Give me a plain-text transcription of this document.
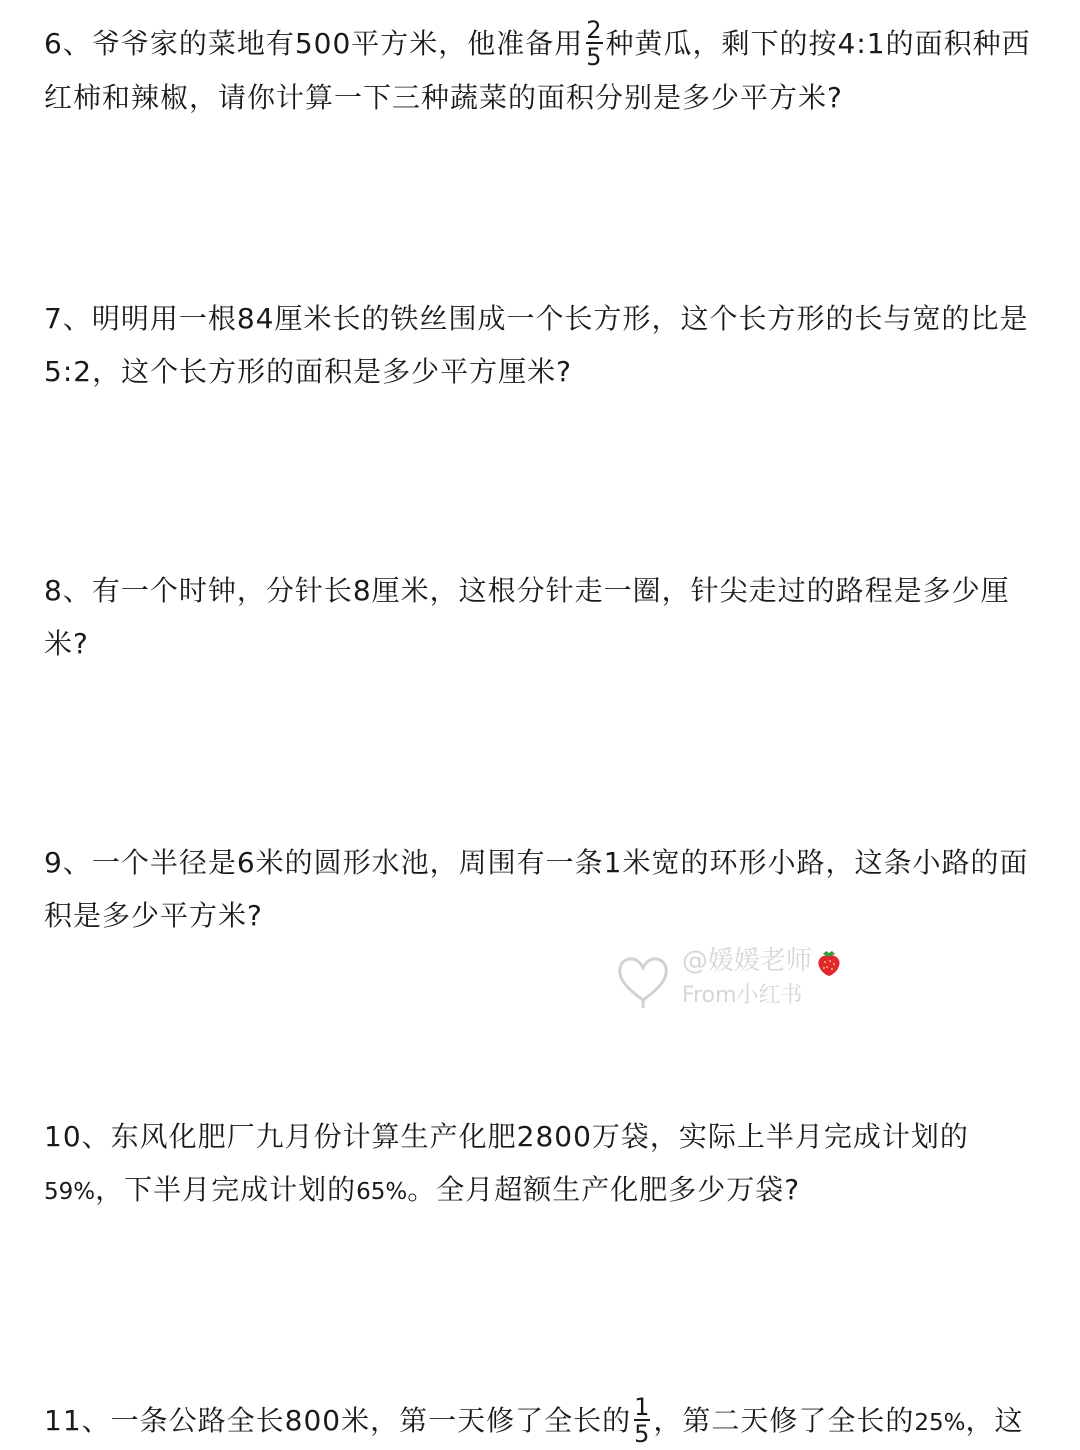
6、爷爷家的菜地有500平方米，他准备用 $\frac{2}{5}$ 种黄瓜，剩下的按4:1的面积种西红柿和辣椒，请你计算一下三种蔬菜的面积分别是多少平方米?

7、明明用一根84厘米长的铁丝围成一个长方形，这个长方形的长与宽的比是5:2，这个长方形的面积是多少平方厘米?

8、有一个时钟，分针长8厘米，这根分针走一圈，针尖走过的路程是多少厘米?

9、一个半径是6米的圆形水池，周围有一条1米宽的环形小路，这条小路的面积是多少平方米?

10、东风化肥厂九月份计算生产化肥2800万袋，实际上半月完成计划的59%，下半月完成计划的65%。全月超额生产化肥多少万袋?

11、一条公路全长800米，第一天修了全长的 $\frac{1}{5}$ ，第二天修了全长的25%，这

@媛媛老师
From小红书
